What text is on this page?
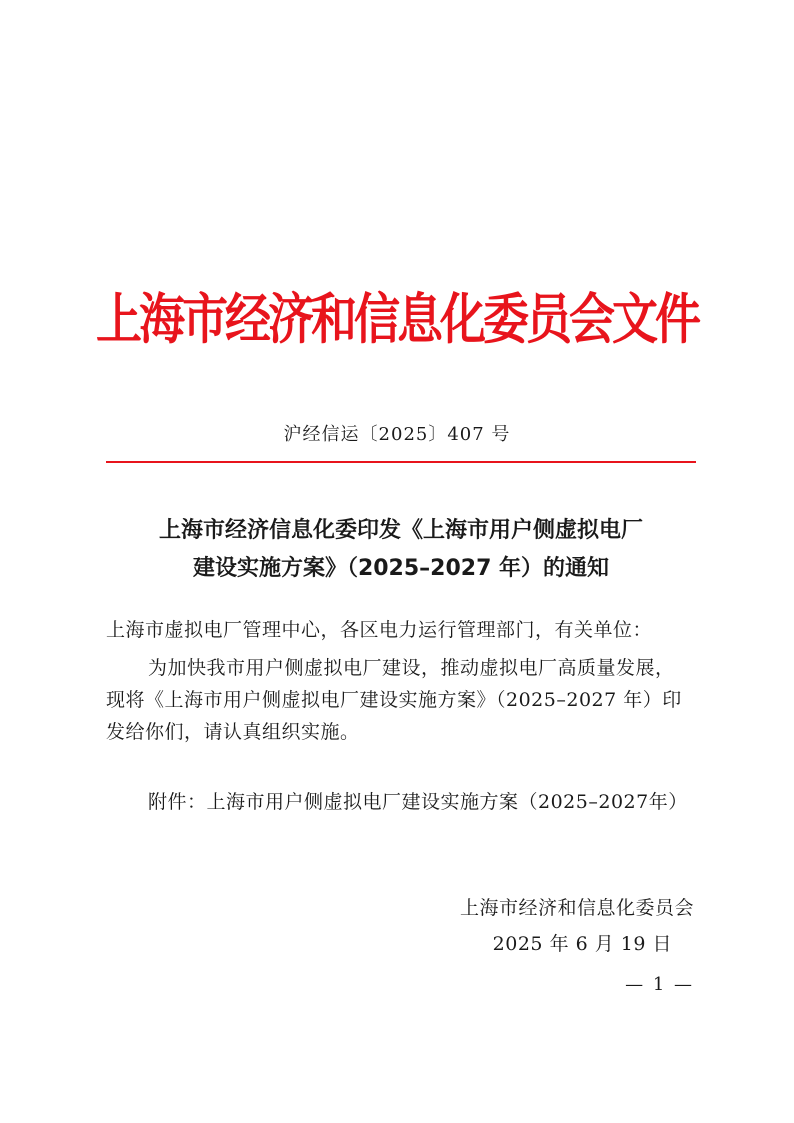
上海市经济和信息化委员会文件
沪经信运〔2025〕407 号
上海市经济信息化委印发《上海市用户侧虚拟电厂
建设实施方案》（2025–2027 年）的通知
上海市虚拟电厂管理中心，各区电力运行管理部门，有关单位：
为加快我市用户侧虚拟电厂建设，推动虚拟电厂高质量发展，
现将《上海市用户侧虚拟电厂建设实施方案》（2025–2027 年）印
发给你们，请认真组织实施。
附件：上海市用户侧虚拟电厂建设实施方案（2025–2027年）
上海市经济和信息化委员会
2025 年 6 月 19 日
— 1 —
